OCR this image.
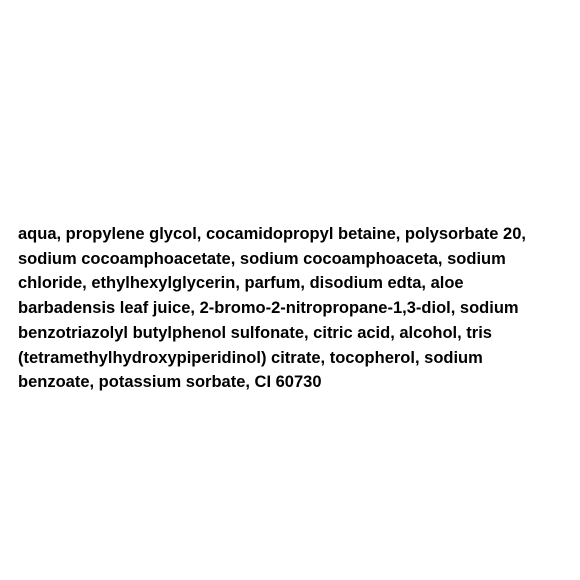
aqua, propylene glycol, cocamidopropyl betaine, polysorbate 20,
sodium cocoamphoacetate, sodium cocoamphoaceta, sodium
chloride, ethylhexylglycerin, parfum, disodium edta, aloe
barbadensis leaf juice, 2-bromo-2-nitropropane-1,3-diol, sodium
benzotriazolyl butylphenol sulfonate, citric acid, alcohol, tris
(tetramethylhydroxypiperidinol) citrate, tocopherol, sodium
benzoate, potassium sorbate, CI 60730
